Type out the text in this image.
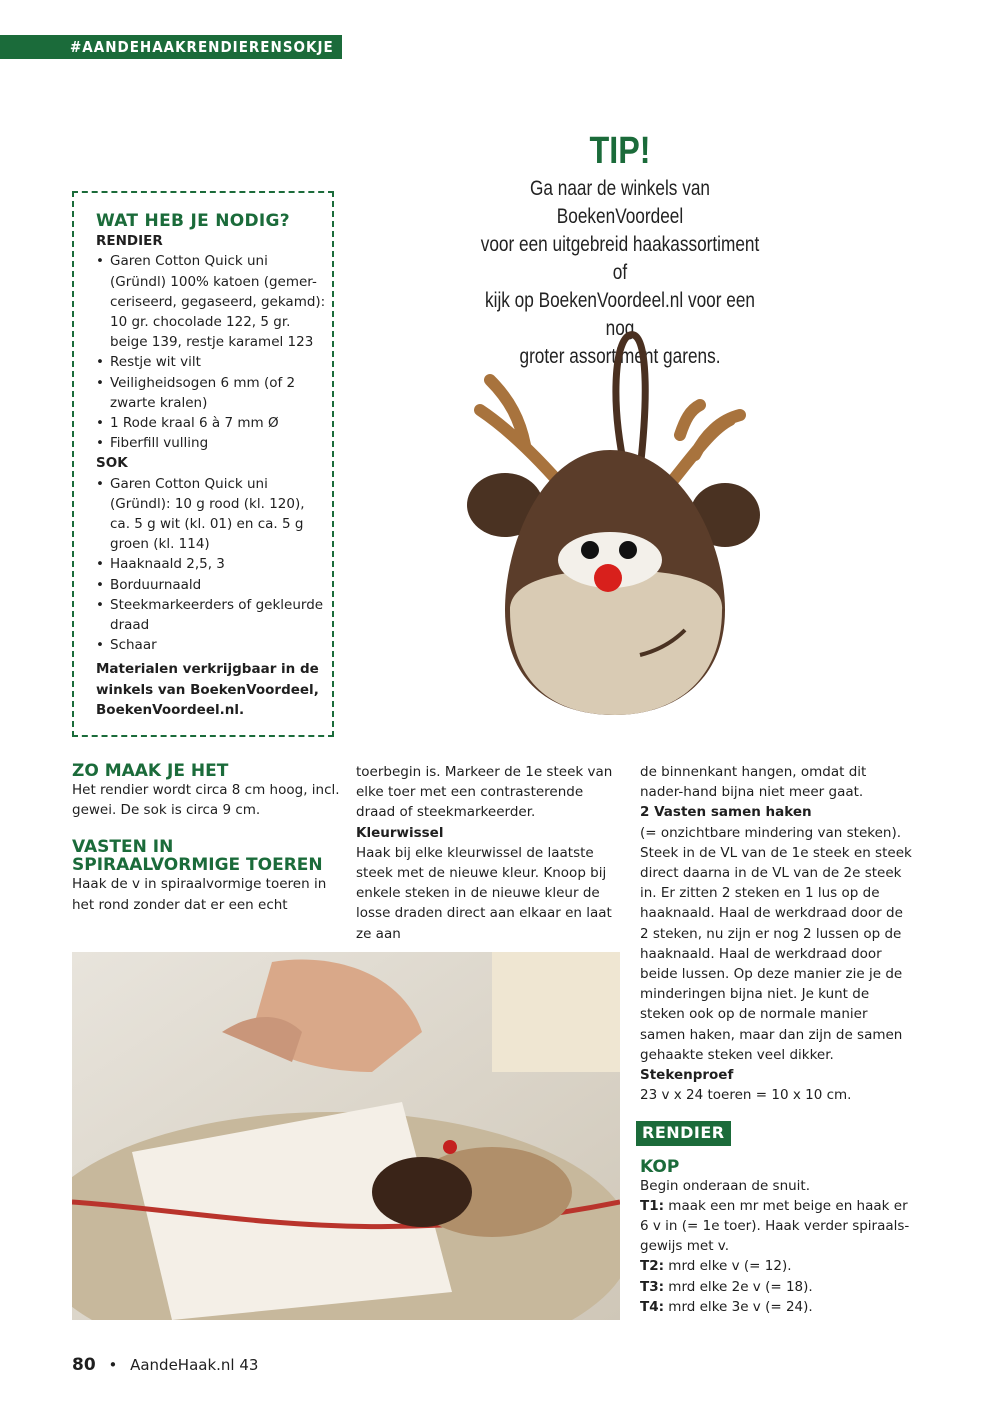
#AANDEHAAKRENDIERENSOKJE
TIP!

Ga naar de winkels van BoekenVoordeel
voor een uitgebreid haakassortiment of
kijk op BoekenVoordeel.nl voor een nog
groter assortiment garens.

WAT HEB JE NODIG?
RENDIER
• Garen Cotton Quick uni (Gründl) 100% katoen (gemer-ceriseerd, gegaseerd, gekamd): 10 gr. chocolade 122, 5 gr. beige 139, restje karamel 123
• Restje wit vilt
• Veiligheidsogen 6 mm (of 2 zwarte kralen)
• 1 Rode kraal 6 à 7 mm Ø
• Fiberfill vulling
SOK
• Garen Cotton Quick uni (Gründl): 10 g rood (kl. 120), ca. 5 g wit (kl. 01) en ca. 5 g groen (kl. 114)
• Haaknaald 2,5, 3
• Borduurnaald
• Steekmarkeerders of gekleurde draad
• Schaar
Materialen verkrijgbaar in de winkels van BoekenVoordeel, BoekenVoordeel.nl.
ZO MAAK JE HET
Het rendier wordt circa 8 cm hoog, incl. gewei. De sok is circa 9 cm.
VASTEN IN SPIRAALVORMIGE TOEREN
Haak de v in spiraalvormige toeren in het rond zonder dat er een echt
toerbegin is. Markeer de 1e steek van elke toer met een contrasterende draad of steekmarkeerder.
Kleurwissel
Haak bij elke kleurwissel de laatste steek met de nieuwe kleur. Knoop bij enkele steken in de nieuwe kleur de losse draden direct aan elkaar en laat ze aan
de binnenkant hangen, omdat dit nader-hand bijna niet meer gaat.
2 Vasten samen haken
(= onzichtbare mindering van steken). Steek in de VL van de 1e steek en steek direct daarna in de VL van de 2e steek in. Er zitten 2 steken en 1 lus op de haaknaald. Haal de werkdraad door de 2 steken, nu zijn er nog 2 lussen op de haaknaald. Haal de werkdraad door beide lussen. Op deze manier zie je de minderingen bijna niet. Je kunt de steken ook op de normale manier samen haken, maar dan zijn de samen gehaakte steken veel dikker.
Stekenproef
23 v x 24 toeren = 10 x 10 cm.
RENDIER
KOP
Begin onderaan de snuit.
T1: maak een mr met beige en haak er 6 v in (= 1e toer). Haak verder spiraals-gewijs met v.
T2: mrd elke v (= 12).
T3: mrd elke 2e v (= 18).
T4: mrd elke 3e v (= 24).
80 • AandeHaak.nl 43
